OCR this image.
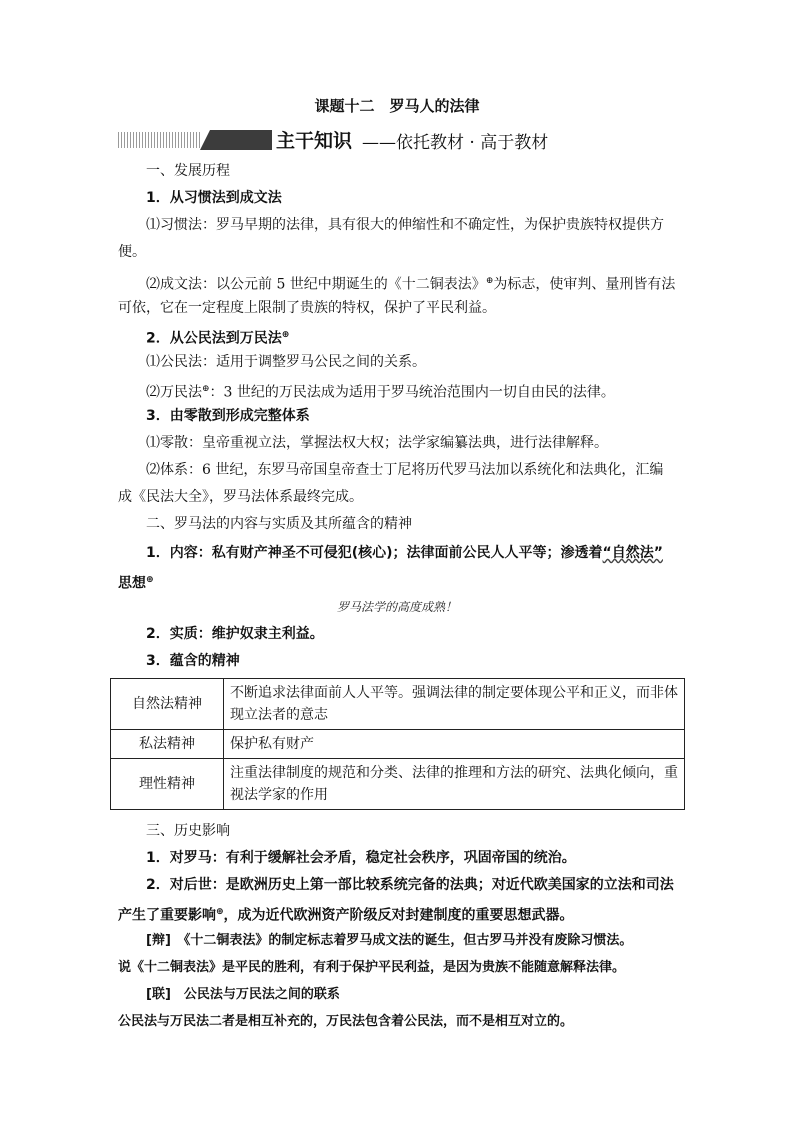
课题十二　罗马人的法律
主干知识 ——依托教材 · 高于教材
一、发展历程
1．从习惯法到成文法
⑴习惯法：罗马早期的法律，具有很大的伸缩性和不确定性，为保护贵族特权提供方
便。
⑵成文法：以公元前 5 世纪中期诞生的《十二铜表法》⊕为标志，使审判、量刑皆有法
可依，它在一定程度上限制了贵族的特权，保护了平民利益。
2．从公民法到万民法⊕
⑴公民法：适用于调整罗马公民之间的关系。
⑵万民法⊕：3 世纪的万民法成为适用于罗马统治范围内一切自由民的法律。
3．由零散到形成完整体系
⑴零散：皇帝重视立法，掌握法权大权；法学家编纂法典，进行法律解释。
⑵体系：6 世纪，东罗马帝国皇帝查士丁尼将历代罗马法加以系统化和法典化，汇编
成《民法大全》，罗马法体系最终完成。
二、罗马法的内容与实质及其所蕴含的精神
1．内容：私有财产神圣不可侵犯(核心)；法律面前公民人人平等；渗透着“自然法”
思想⊕
罗马法学的高度成熟！
2．实质：维护奴隶主利益。
3．蕴含的精神
自然法精神	不断追求法律面前人人平等。强调法律的制定要体现公平和正义，而非体现立法者的意志
私法精神	保护私有财产
理性精神	注重法律制度的规范和分类、法律的推理和方法的研究、法典化倾向，重视法学家的作用
三、历史影响
1．对罗马：有利于缓解社会矛盾，稳定社会秩序，巩固帝国的统治。
2．对后世：是欧洲历史上第一部比较系统完备的法典；对近代欧美国家的立法和司法
产生了重要影响⊕，成为近代欧洲资产阶级反对封建制度的重要思想武器。
[辩]　 《十二铜表法》的制定标志着罗马成文法的诞生，但古罗马并没有废除习惯法。
说《十二铜表法》是平民的胜利，有利于保护平民利益，是因为贵族不能随意解释法律。
[联]　 公民法与万民法之间的联系
公民法与万民法二者是相互补充的，万民法包含着公民法，而不是相互对立的。
